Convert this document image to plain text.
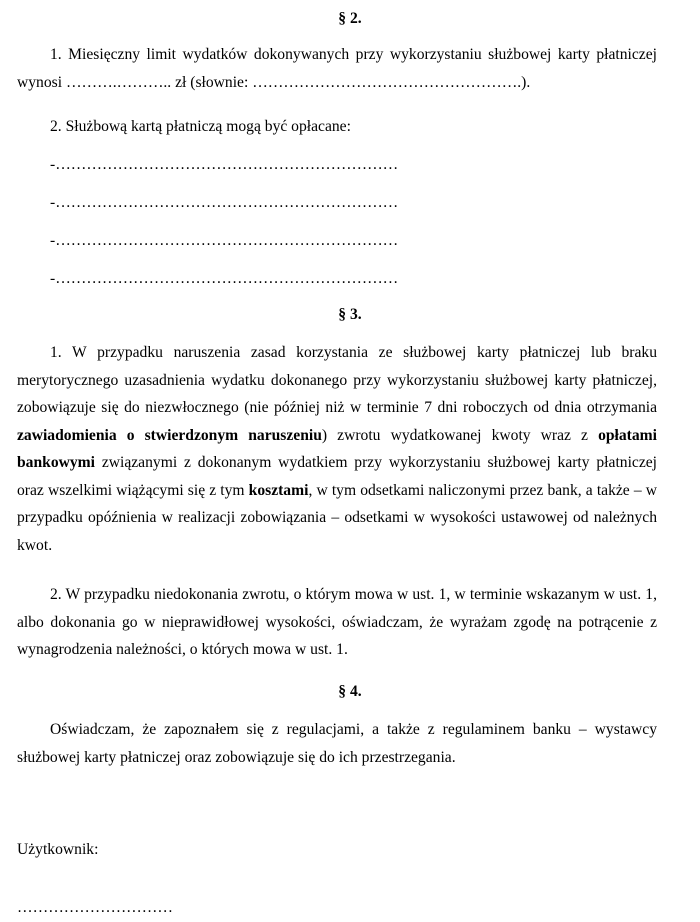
§ 2.
1. Miesięczny limit wydatków dokonywanych przy wykorzystaniu służbowej karty płatniczej wynosi ……….……….. zł (słownie: …………………………………………….).
2. Służbową kartą płatniczą mogą być opłacane:
-…………………………………………………………
-…………………………………………………………
-…………………………………………………………
-…………………………………………………………
§ 3.
1. W przypadku naruszenia zasad korzystania ze służbowej karty płatniczej lub braku merytorycznego uzasadnienia wydatku dokonanego przy wykorzystaniu służbowej karty płatniczej, zobowiązuje się do niezwłocznego (nie później niż w terminie 7 dni roboczych od dnia otrzymania zawiadomienia o stwierdzonym naruszeniu) zwrotu wydatkowanej kwoty wraz z opłatami bankowymi związanymi z dokonanym wydatkiem przy wykorzystaniu służbowej karty płatniczej oraz wszelkimi wiążącymi się z tym kosztami, w tym odsetkami naliczonymi przez bank, a także – w przypadku opóźnienia w realizacji zobowiązania – odsetkami w wysokości ustawowej od należnych kwot.
2. W przypadku niedokonania zwrotu, o którym mowa w ust. 1, w terminie wskazanym w ust. 1, albo dokonania go w nieprawidłowej wysokości, oświadczam, że wyrażam zgodę na potrącenie z wynagrodzenia należności, o których mowa w ust. 1.
§ 4.
Oświadczam, że zapoznałem się z regulacjami, a także z regulaminem banku – wystawcy służbowej karty płatniczej oraz zobowiązuje się do ich przestrzegania.
Użytkownik:
…………………………
